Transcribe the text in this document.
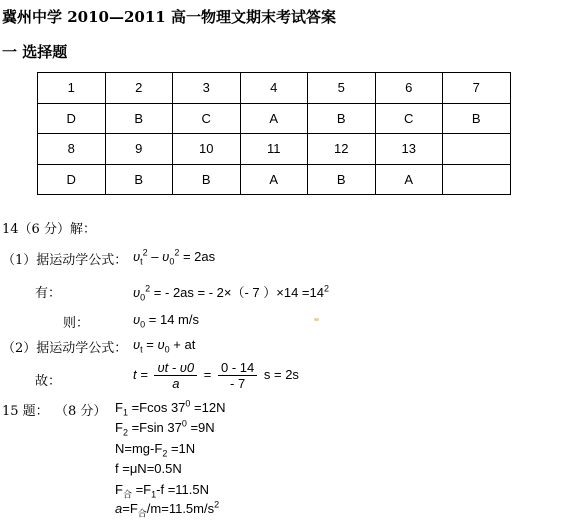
冀州中学 2010—2011 高一物理文期末考试答案
一 选择题
1	2	3	4	5	6	7
D	B	C	A	B	C	B
8	9	10	11	12	13	
D	B	B	A	B	A	
14（6 分）解：
（1）据运动学公式： $\upsilon_t^2 - \upsilon_0^2 = 2as$
有：	$\upsilon_0^2$ = - 2as = - 2×（- 7 ）$\times 14 =14^2$
则：	$\upsilon_0 = 14$ m/s
（2）据运动学公式： $\upsilon_t = \upsilon_0$ + at
故：	$t = \frac{\upsilon t - \upsilon 0}{a} = \frac{0 - 14}{- 7}$ s = 2s
15 题： （8 分） $F_1 =Fcos$ $37^0 =12N$
$F_2 =Fsin$ $37^0 =9N$
$N=mg-F_2 =1N$
f =μN=0.5N
$F_合 =F_1-f =11.5N$
$a=F_合/m=11.5m/s^2$
